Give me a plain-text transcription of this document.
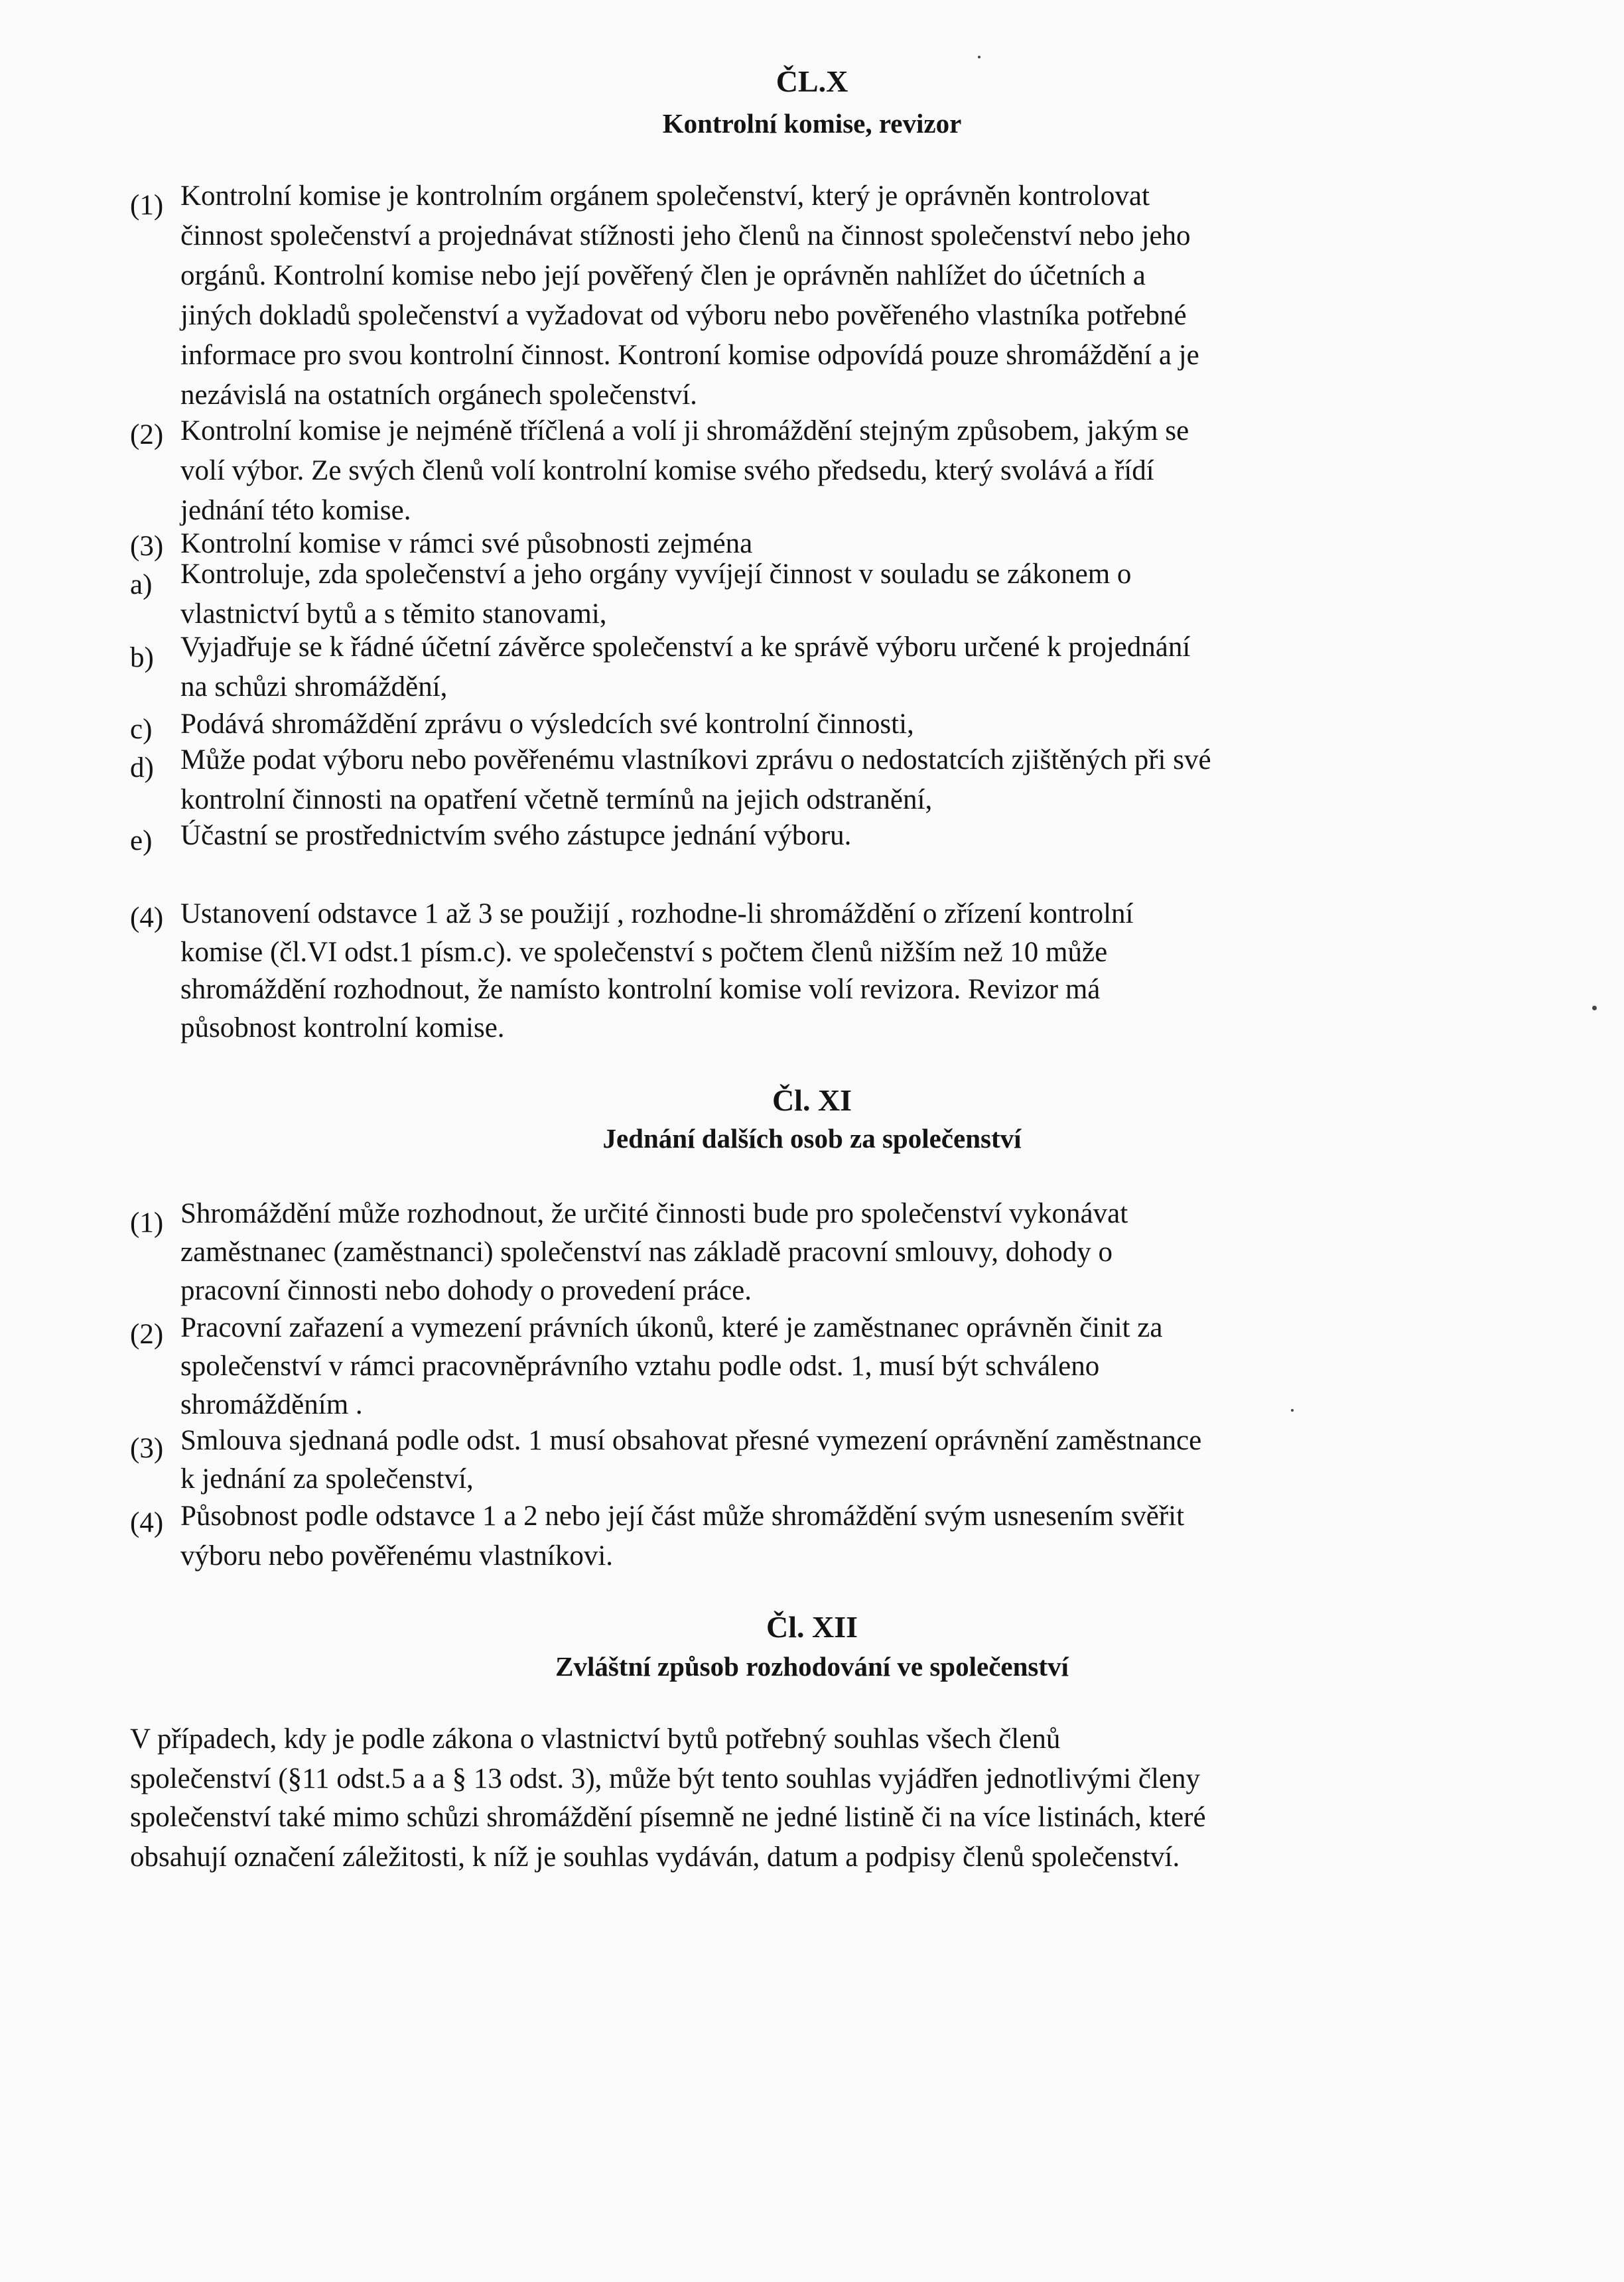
ČL.X
Kontrolní komise, revizor
(1) Kontrolní komise je kontrolním orgánem společenství, který je oprávněn kontrolovat
činnost společenství a projednávat stížnosti jeho členů na činnost společenství nebo jeho
orgánů. Kontrolní komise nebo její pověřený člen je oprávněn nahlížet do účetních a
jiných dokladů společenství a vyžadovat od výboru nebo pověřeného vlastníka potřebné
informace pro svou kontrolní činnost. Kontroní komise odpovídá pouze shromáždění a je
nezávislá na ostatních orgánech společenství.
(2) Kontrolní komise je nejméně tříčlená a volí ji shromáždění stejným způsobem, jakým se
volí výbor. Ze svých členů volí kontrolní komise svého předsedu, který svolává a řídí
jednání této komise.
(3) Kontrolní komise v rámci své působnosti zejména
a) Kontroluje, zda společenství a jeho orgány vyvíjejí činnost v souladu se zákonem o
vlastnictví bytů a s těmito stanovami,
b) Vyjadřuje se k řádné účetní závěrce společenství a ke správě výboru určené k projednání
na schůzi shromáždění,
c) Podává shromáždění zprávu o výsledcích své kontrolní činnosti,
d) Může podat výboru nebo pověřenému vlastníkovi zprávu o nedostatcích zjištěných při své
kontrolní činnosti na opatření včetně termínů na jejich odstranění,
e) Účastní se prostřednictvím svého zástupce jednání výboru.
(4) Ustanovení odstavce 1 až 3 se použijí , rozhodne-li shromáždění o zřízení kontrolní
komise (čl.VI odst.1 písm.c). ve společenství s počtem členů nižším než 10 může
shromáždění rozhodnout, že namísto kontrolní komise volí revizora. Revizor má
působnost kontrolní komise.
Čl. XI
Jednání dalších osob za společenství
(1) Shromáždění může rozhodnout, že určité činnosti bude pro společenství vykonávat
zaměstnanec (zaměstnanci) společenství nas základě pracovní smlouvy, dohody o
pracovní činnosti nebo dohody o provedení práce.
(2) Pracovní zařazení a vymezení právních úkonů, které je zaměstnanec oprávněn činit za
společenství v rámci pracovněprávního vztahu podle odst. 1, musí být schváleno
shromážděním .
(3) Smlouva sjednaná podle odst. 1 musí obsahovat přesné vymezení oprávnění zaměstnance
k jednání za společenství,
(4) Působnost podle odstavce 1 a 2 nebo její část může shromáždění svým usnesením svěřit
výboru nebo pověřenému vlastníkovi.
Čl. XII
Zvláštní způsob rozhodování ve společenství
V případech, kdy je podle zákona o vlastnictví bytů potřebný souhlas všech členů
společenství (§11 odst.5 a a § 13 odst. 3), může být tento souhlas vyjádřen jednotlivými členy
společenství také mimo schůzi shromáždění písemně ne jedné listině či na více listinách, které
obsahují označení záležitosti, k níž je souhlas vydáván, datum a podpisy členů společenství.
